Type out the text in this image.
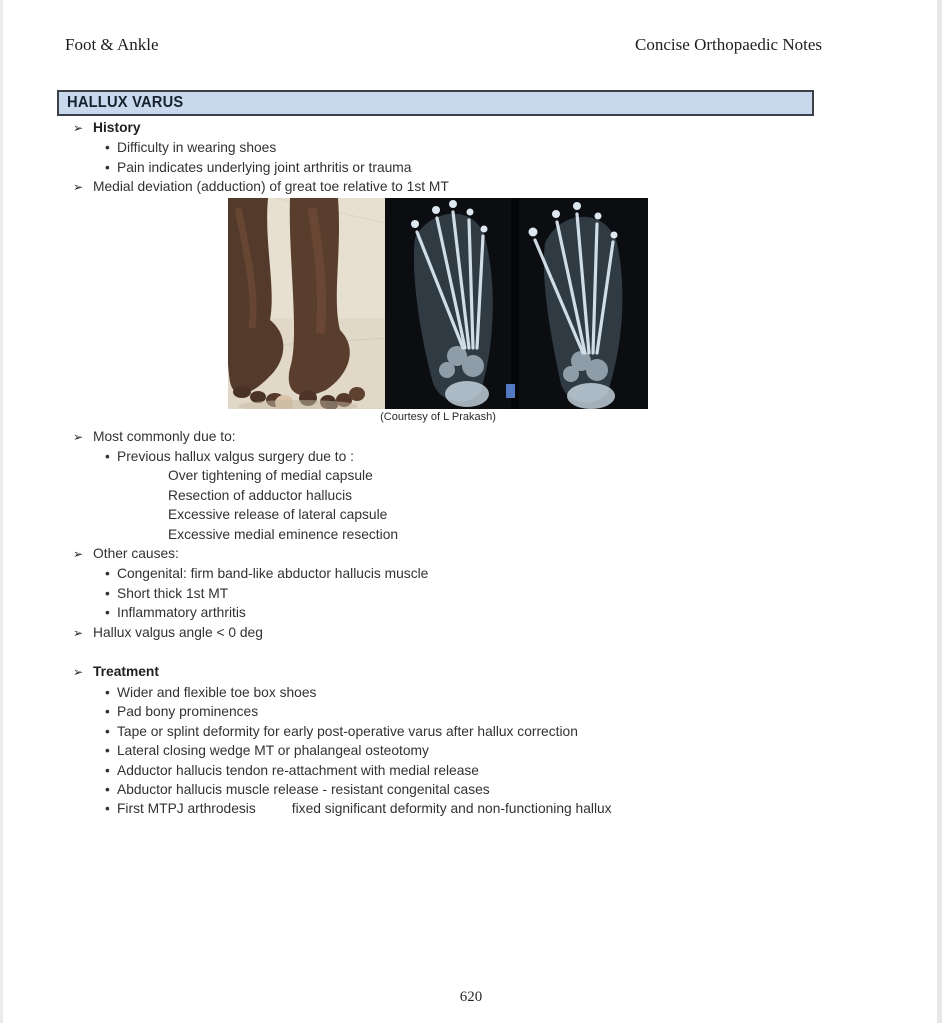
Foot & Ankle	Concise Orthopaedic Notes
HALLUX VARUS
➢ History
• Difficulty in wearing shoes
• Pain indicates underlying joint arthritis or trauma
➢ Medial deviation (adduction) of great toe relative to 1st MT
(Courtesy of L Prakash)
➢ Most commonly due to:
• Previous hallux valgus surgery due to :
Over tightening of medial capsule
Resection of adductor hallucis
Excessive release of lateral capsule
Excessive medial eminence resection
➢ Other causes:
• Congenital: firm band-like abductor hallucis muscle
• Short thick 1st MT
• Inflammatory arthritis
➢ Hallux valgus angle < 0 deg
➢ Treatment
• Wider and flexible toe box shoes
• Pad bony prominences
• Tape or splint deformity for early post-operative varus after hallux correction
• Lateral closing wedge MT or phalangeal osteotomy
• Adductor hallucis tendon re-attachment with medial release
• Abductor hallucis muscle release - resistant congenital cases
• First MTPJ arthrodesis	fixed significant deformity and non-functioning hallux
620
